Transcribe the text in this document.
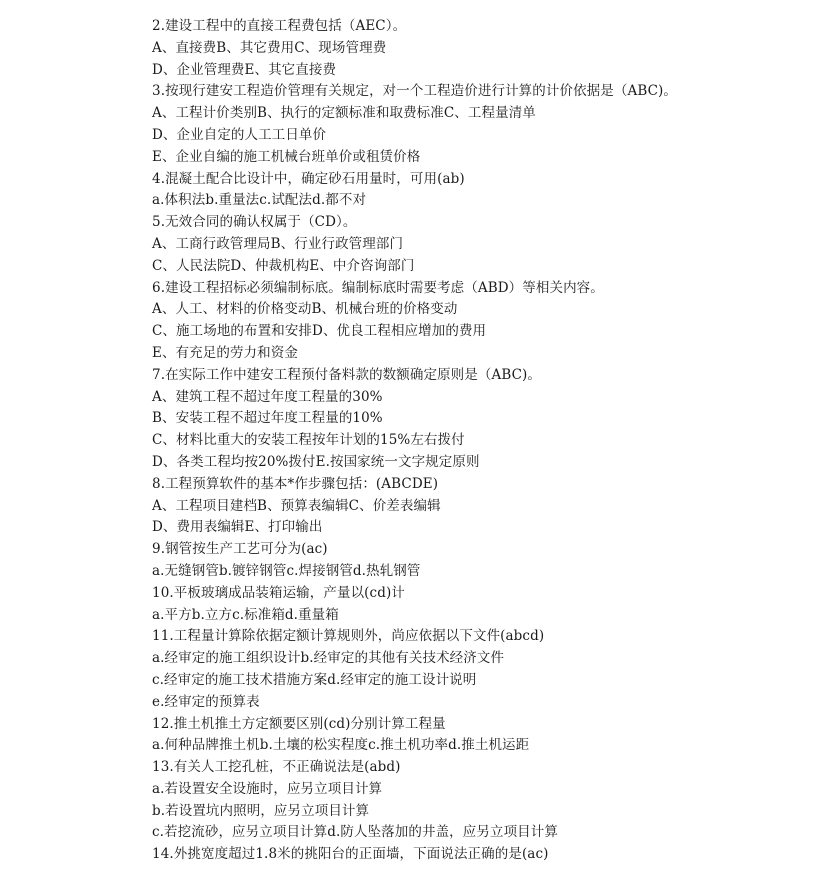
2.建设工程中的直接工程费包括（AEC）。
A、直接费B、其它费用C、现场管理费
D、企业管理费E、其它直接费
3.按现行建安工程造价管理有关规定，对一个工程造价进行计算的计价依据是（ABC)。
A、工程计价类别B、执行的定额标准和取费标准C、工程量清单
D、企业自定的人工工日单价
E、企业自编的施工机械台班单价或租赁价格
4.混凝土配合比设计中，确定砂石用量时，可用(ab)
a.体积法b.重量法c.试配法d.都不对
5.无效合同的确认权属于（CD）。
A、工商行政管理局B、行业行政管理部门
C、人民法院D、仲裁机构E、中介咨询部门
6.建设工程招标必须编制标底。编制标底时需要考虑（ABD）等相关内容。
A、人工、材料的价格变动B、机械台班的价格变动
C、施工场地的布置和安排D、优良工程相应增加的费用
E、有充足的劳力和资金
7.在实际工作中建安工程预付备料款的数额确定原则是（ABC)。
A、建筑工程不超过年度工程量的30%
B、安装工程不超过年度工程量的10%
C、材料比重大的安装工程按年计划的15%左右拨付
D、各类工程均按20%拨付E.按国家统一文字规定原则
8.工程预算软件的基本*作步骤包括：(ABCDE)
A、工程项目建档B、预算表编辑C、价差表编辑
D、费用表编辑E、打印输出
9.钢管按生产工艺可分为(ac)
a.无缝钢管b.镀锌钢管c.焊接钢管d.热轧钢管
10.平板玻璃成品装箱运输，产量以(cd)计
a.平方b.立方c.标准箱d.重量箱
11.工程量计算除依据定额计算规则外，尚应依据以下文件(abcd)
a.经审定的施工组织设计b.经审定的其他有关技术经济文件
c.经审定的施工技术措施方案d.经审定的施工设计说明
e.经审定的预算表
12.推土机推土方定额要区别(cd)分别计算工程量
a.何种品牌推土机b.土壤的松实程度c.推土机功率d.推土机运距
13.有关人工挖孔桩，不正确说法是(abd)
a.若设置安全设施时，应另立项目计算
b.若设置坑内照明，应另立项目计算
c.若挖流砂，应另立项目计算d.防人坠落加的井盖，应另立项目计算
14.外挑宽度超过1.8米的挑阳台的正面墙，下面说法正确的是(ac)
